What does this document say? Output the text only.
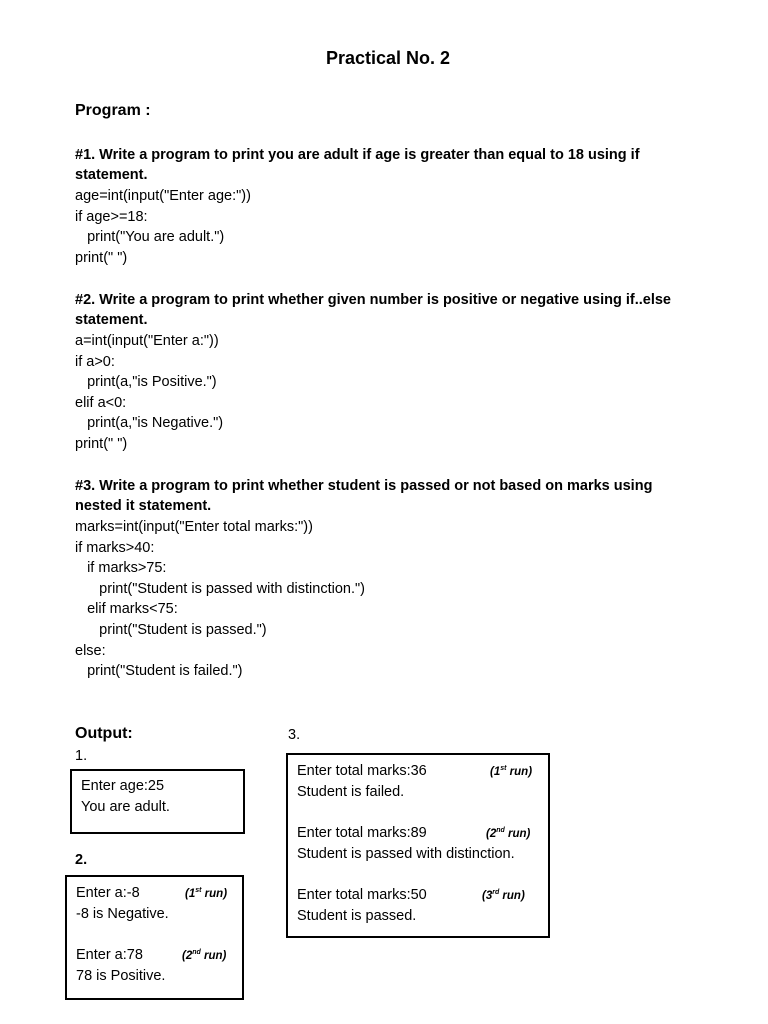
Practical No. 2
Program :
#1. Write a program to print you are adult if age is greater than equal to 18 using if
statement.
age=int(input("Enter age:"))
if age>=18:
print("You are adult.")
print(" ")
#2. Write a program to print whether given number is positive or negative using if..else
statement.
a=int(input("Enter a:"))
if a>0:
print(a,"is Positive.")
elif a<0:
print(a,"is Negative.")
print(" ")
#3. Write a program to print whether student is passed or not based on marks using
nested it statement.
marks=int(input("Enter total marks:"))
if marks>40:
if marks>75:
print("Student is passed with distinction.")
elif marks<75:
print("Student is passed.")
else:
print("Student is failed.")
Output:
1.
3.
Enter age:25
You are adult.
2.
Enter a:-8
-8 is Negative.
(1st run)
Enter a:78
78 is Positive.
(2nd run)
Enter total marks:36
Student is failed.
(1st run)
Enter total marks:89
Student is passed with distinction.
(2nd run)
Enter total marks:50
Student is passed.
(3rd run)
